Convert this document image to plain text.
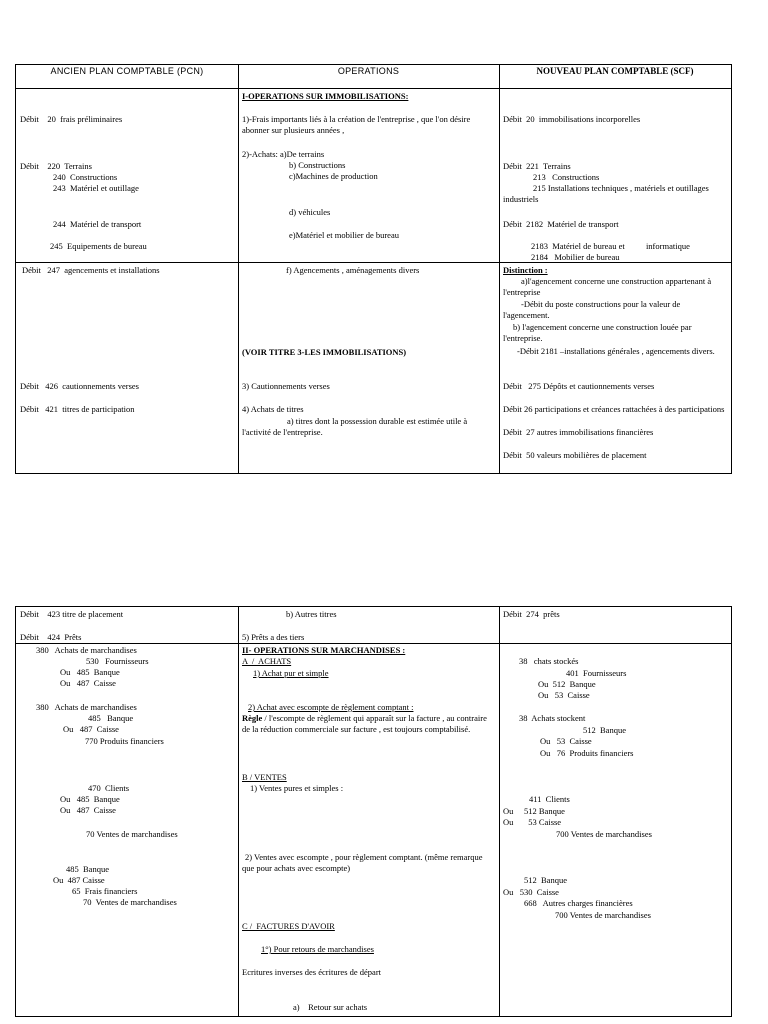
ANCIEN PLAN COMPTABLE (PCN)	OPERATIONS	NOUVEAU PLAN COMPTABLE (SCF)
Débit    20  frais préliminaires
Débit    220  Terrains
240  Constructions
243  Matériel et outillage
244  Matériel de transport
245  Equipements de bureau
Débit   247  agencements et installations
Débit   426  cautionnements verses
Débit   421  titres de participation
I-OPERATIONS SUR IMMOBILISATIONS:
1)-Frais importants liés à la création de l'entreprise , que l'on désire abonner sur plusieurs années ,
2)-Achats: a)De terrains
b) Constructions
c)Machines de production
d) véhicules
e)Matériel et mobilier de bureau
f) Agencements , aménagements divers
(VOIR TITRE 3-LES IMMOBILISATIONS)
3) Cautionnements verses
4) Achats de titres
a) titres dont la possession durable est estimée utile à l'activité de l'entreprise.
Débit  20  immobilisations incorporelles
Débit  221  Terrains
213   Constructions
215 Installations techniques , matériels et outillages industriels
Débit  2182  Matériel de transport
2183  Matériel de bureau et          informatique
2184   Mobilier de bureau
Distinction :
a)l'agencement concerne une construction appartenant à l'entreprise
-Débit du poste constructions pour la valeur de l'agencement.
b) l'agencement concerne une construction louée par l'entreprise.
-Débit 2181 –installations générales , agencements divers.
Débit   275 Dépôts et cautionnements verses
Débit 26 participations et créances rattachées à des participations
Débit  27 autres immobilisations financières
Débit  50 valeurs mobilières de placement
Débit    423 titre de placement
Débit    424  Prêts
380   Achats de marchandises
530   Fournisseurs
Ou   485  Banque
Ou   487  Caisse
380   Achats de marchandises
485   Banque
Ou   487  Caisse
770 Produits financiers
470  Clients
Ou   485  Banque
Ou   487  Caisse
70 Ventes de marchandises
485  Banque
Ou  487 Caisse
65  Frais financiers
70  Ventes de marchandises
b) Autres titres
5) Prêts a des tiers
II- OPERATIONS SUR MARCHANDISES :
A  /  ACHATS
1) Achat pur et simple
2) Achat avec escompte de règlement comptant :
Règle / l'escompte de règlement qui apparaît sur la facture , au contraire de la réduction commerciale sur facture , est toujours comptabilisé.
B / VENTES
1) Ventes pures et simples :
2) Ventes avec escompte , pour règlement comptant. (même remarque que pour achats avec escompte)
C /  FACTURES D'AVOIR
1°) Pour retours de marchandises
Ecritures inverses des écritures de départ
a)    Retour sur achats
Débit  274  prêts
38   chats stockés
401  Fournisseurs
Ou  512  Banque
Ou   53  Caisse
38  Achats stockent
512  Banque
Ou   53  Caisse
Ou   76  Produits financiers
411  Clients
Ou     512 Banque
Ou       53 Caisse
700 Ventes de marchandises
512  Banque
Ou   530  Caisse
668   Autres charges financières
700 Ventes de marchandises
